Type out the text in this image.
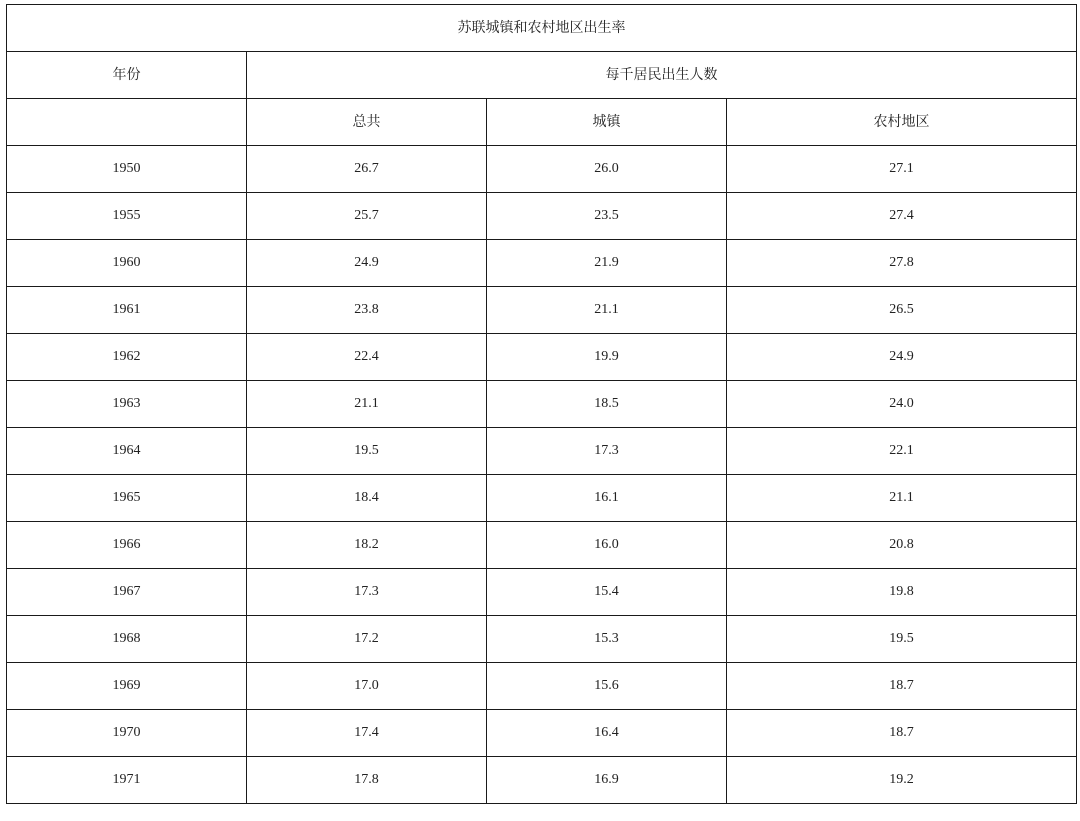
苏联城镇和农村地区出生率			
年份	每千居民出生人数		
	总共	城镇	农村地区
1950	26.7	26.0	27.1
1955	25.7	23.5	27.4
1960	24.9	21.9	27.8
1961	23.8	21.1	26.5
1962	22.4	19.9	24.9
1963	21.1	18.5	24.0
1964	19.5	17.3	22.1
1965	18.4	16.1	21.1
1966	18.2	16.0	20.8
1967	17.3	15.4	19.8
1968	17.2	15.3	19.5
1969	17.0	15.6	18.7
1970	17.4	16.4	18.7
1971	17.8	16.9	19.2
